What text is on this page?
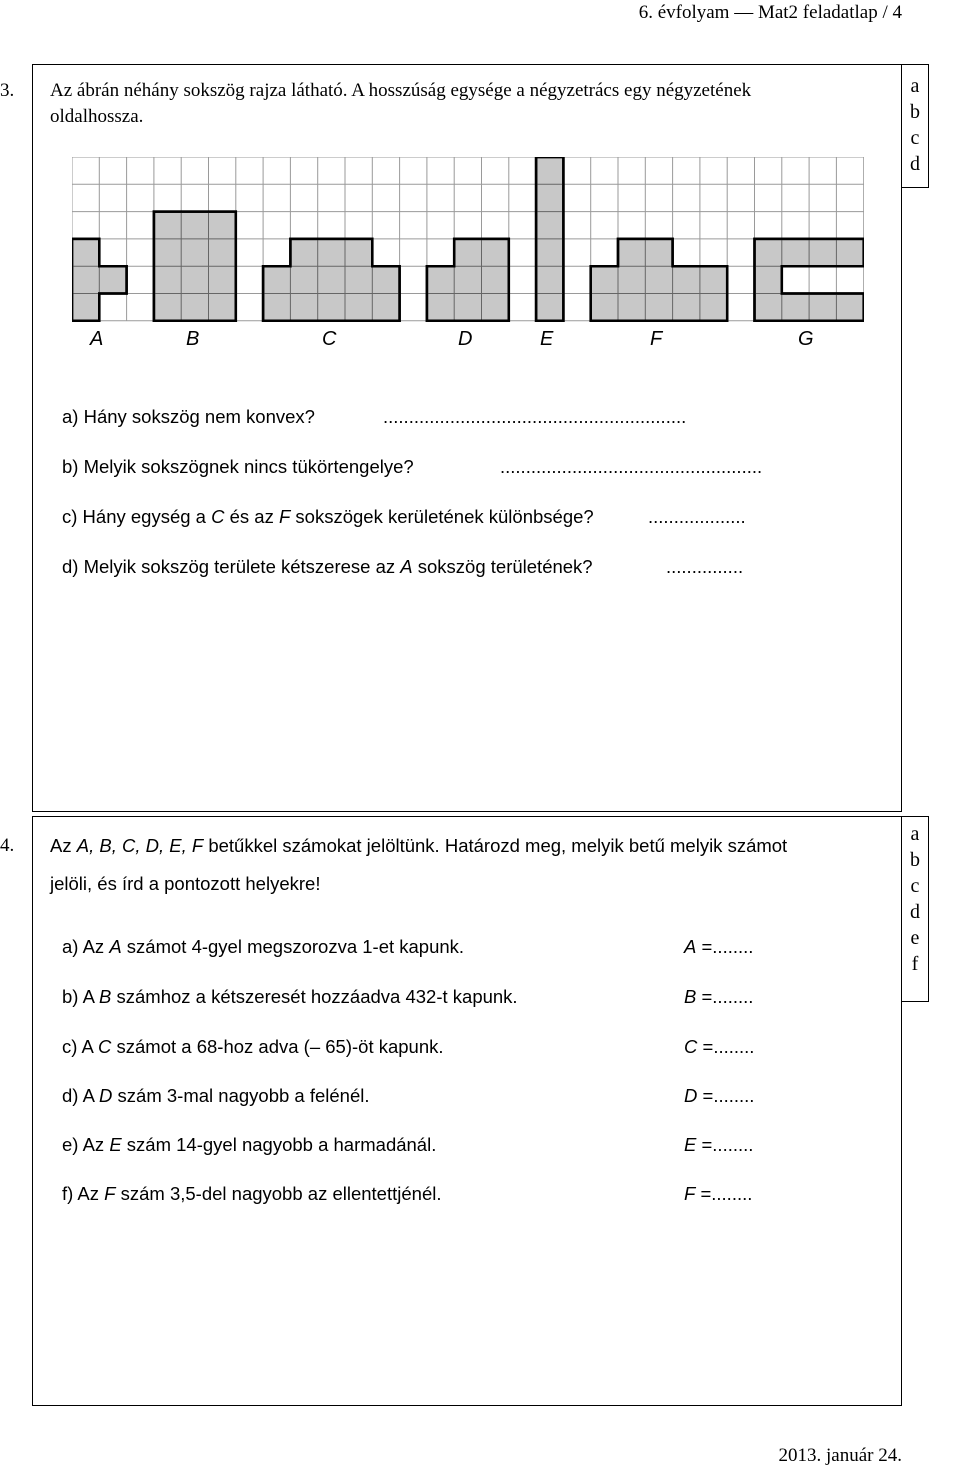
6. évfolyam — Mat2 feladatlap / 4
a
b
c
d
3. Az ábrán néhány sokszög rajza látható. A hosszúság egysége a négyzetrács egy négyzetének
oldalhossza.
A	B	C	D	E	F	G
a) Hány sokszög nem konvex?	...........................................................
b) Melyik sokszögnek nincs tükörtengelye?	...................................................
c) Hány egység a C és az F sokszögek kerületének különbsége?	...................
d) Melyik sokszög területe kétszerese az A sokszög területének?	...............
a
b
c
d
e
f
4. Az A, B, C, D, E, F betűkkel számokat jelöltünk. Határozd meg, melyik betű melyik számot
jelöli, és írd a pontozott helyekre!
a) Az A számot 4-gyel megszorozva 1-et kapunk.	A =........
b) A B számhoz a kétszeresét hozzáadva 432-t kapunk.	B =........
c) A C számot a 68-hoz adva (– 65)-öt kapunk.	C =........
d) A D szám 3-mal nagyobb a felénél.	D =........
e) Az E szám 14-gyel nagyobb a harmadánál.	E =........
f) Az F szám 3,5-del nagyobb az ellentettjénél.	F =........
2013. január 24.
